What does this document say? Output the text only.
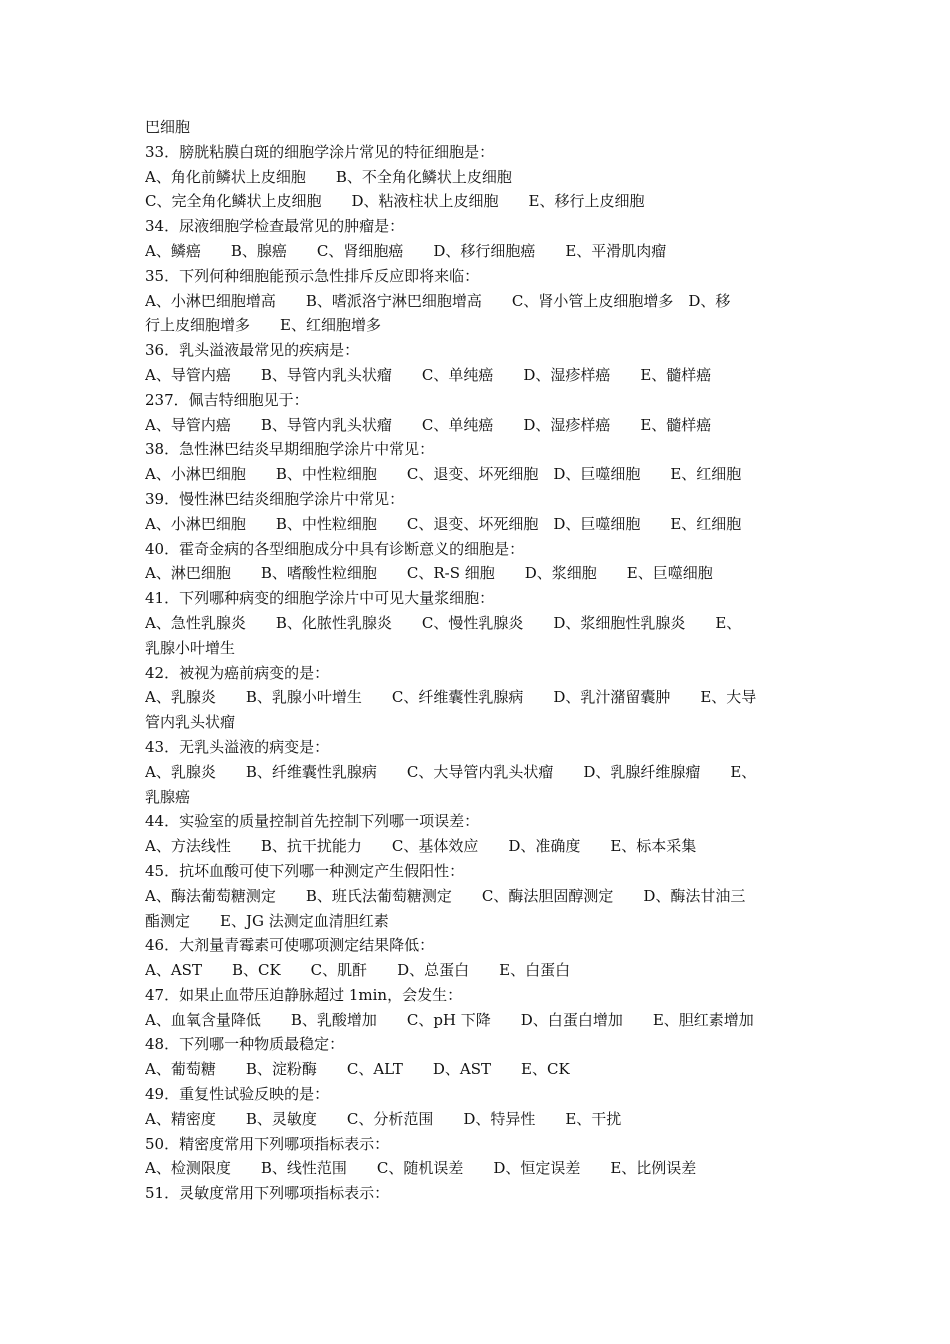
巴细胞
33．膀胱粘膜白斑的细胞学涂片常见的特征细胞是：
A、角化前鳞状上皮细胞　　B、不全角化鳞状上皮细胞
C、完全角化鳞状上皮细胞　　D、粘液柱状上皮细胞　　E、移行上皮细胞
34．尿液细胞学检查最常见的肿瘤是：
A、鳞癌　　B、腺癌　　C、肾细胞癌　　D、移行细胞癌　　E、平滑肌肉瘤
35．下列何种细胞能预示急性排斥反应即将来临：
A、小淋巴细胞增高　　B、嗜派洛宁淋巴细胞增高　　C、肾小管上皮细胞增多　D、移
行上皮细胞增多　　E、红细胞增多
36．乳头溢液最常见的疾病是：
A、导管内癌　　B、导管内乳头状瘤　　C、单纯癌　　D、湿疹样癌　　E、髓样癌
237．佩吉特细胞见于：
A、导管内癌　　B、导管内乳头状瘤　　C、单纯癌　　D、湿疹样癌　　E、髓样癌
38．急性淋巴结炎早期细胞学涂片中常见：
A、小淋巴细胞　　B、中性粒细胞　　C、退变、坏死细胞　D、巨噬细胞　　E、红细胞
39．慢性淋巴结炎细胞学涂片中常见：
A、小淋巴细胞　　B、中性粒细胞　　C、退变、坏死细胞　D、巨噬细胞　　E、红细胞
40．霍奇金病的各型细胞成分中具有诊断意义的细胞是：
A、淋巴细胞　　B、嗜酸性粒细胞　　C、R-S 细胞　　D、浆细胞　　E、巨噬细胞
41．下列哪种病变的细胞学涂片中可见大量浆细胞：
A、急性乳腺炎　　B、化脓性乳腺炎　　C、慢性乳腺炎　　D、浆细胞性乳腺炎　　E、
乳腺小叶增生
42．被视为癌前病变的是：
A、乳腺炎　　B、乳腺小叶增生　　C、纤维囊性乳腺病　　D、乳汁潴留囊肿　　E、大导
管内乳头状瘤
43．无乳头溢液的病变是：
A、乳腺炎　　B、纤维囊性乳腺病　　C、大导管内乳头状瘤　　D、乳腺纤维腺瘤　　E、
乳腺癌
44．实验室的质量控制首先控制下列哪一项误差：
A、方法线性　　B、抗干扰能力　　C、基体效应　　D、准确度　　E、标本采集
45．抗坏血酸可使下列哪一种测定产生假阳性：
A、酶法葡萄糖测定　　B、班氏法葡萄糖测定　　C、酶法胆固醇测定　　D、酶法甘油三
酯测定　　E、JG 法测定血清胆红素
46．大剂量青霉素可使哪项测定结果降低：
A、AST　　B、CK　　C、肌酐　　D、总蛋白　　E、白蛋白
47．如果止血带压迫静脉超过 1min，会发生：
A、血氧含量降低　　B、乳酸增加　　C、pH 下降　　D、白蛋白增加　　E、胆红素增加
48．下列哪一种物质最稳定：
A、葡萄糖　　B、淀粉酶　　C、ALT　　D、AST　　E、CK
49．重复性试验反映的是：
A、精密度　　B、灵敏度　　C、分析范围　　D、特异性　　E、干扰
50．精密度常用下列哪项指标表示：
A、检测限度　　B、线性范围　　C、随机误差　　D、恒定误差　　E、比例误差
51．灵敏度常用下列哪项指标表示：
